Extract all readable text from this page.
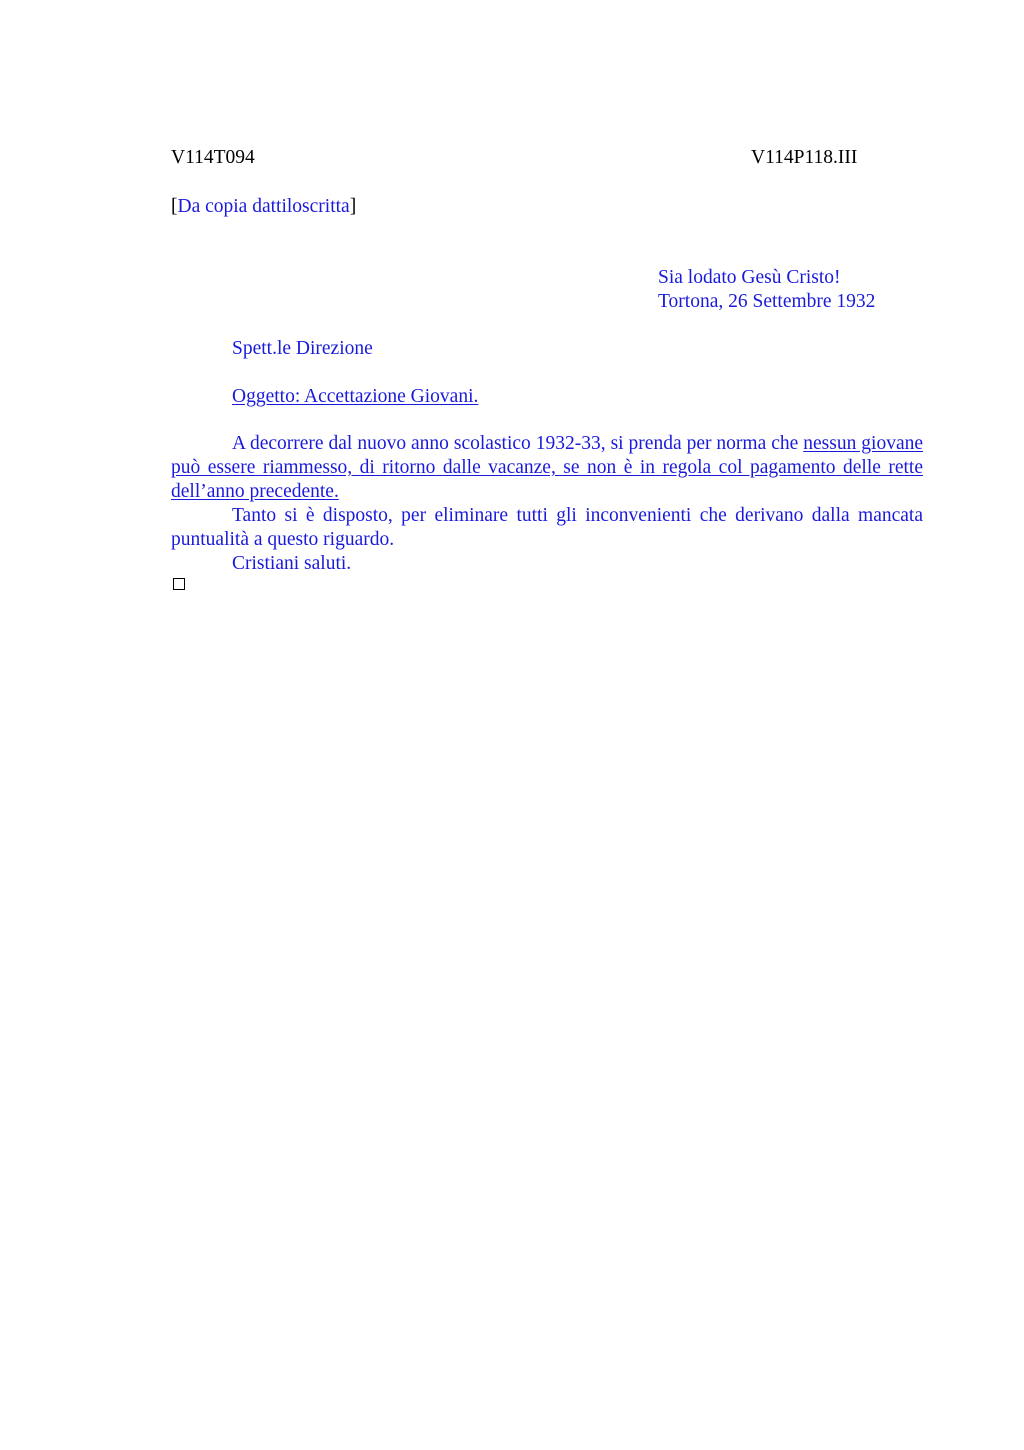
V114T094	V114P118.III
[Da copia dattiloscritta]
Sia lodato Gesù Cristo!
Tortona, 26 Settembre 1932
Spett.le Direzione
Oggetto: Accettazione Giovani.

A decorrere dal nuovo anno scolastico 1932-33, si prenda per norma che nessun giovane può essere riammesso, di ritorno dalle vacanze, se non è in regola col pagamento delle rette dell’anno precedente.

Tanto si è disposto, per eliminare tutti gli inconvenienti che derivano dalla mancata puntualità a questo riguardo.

Cristiani saluti.
